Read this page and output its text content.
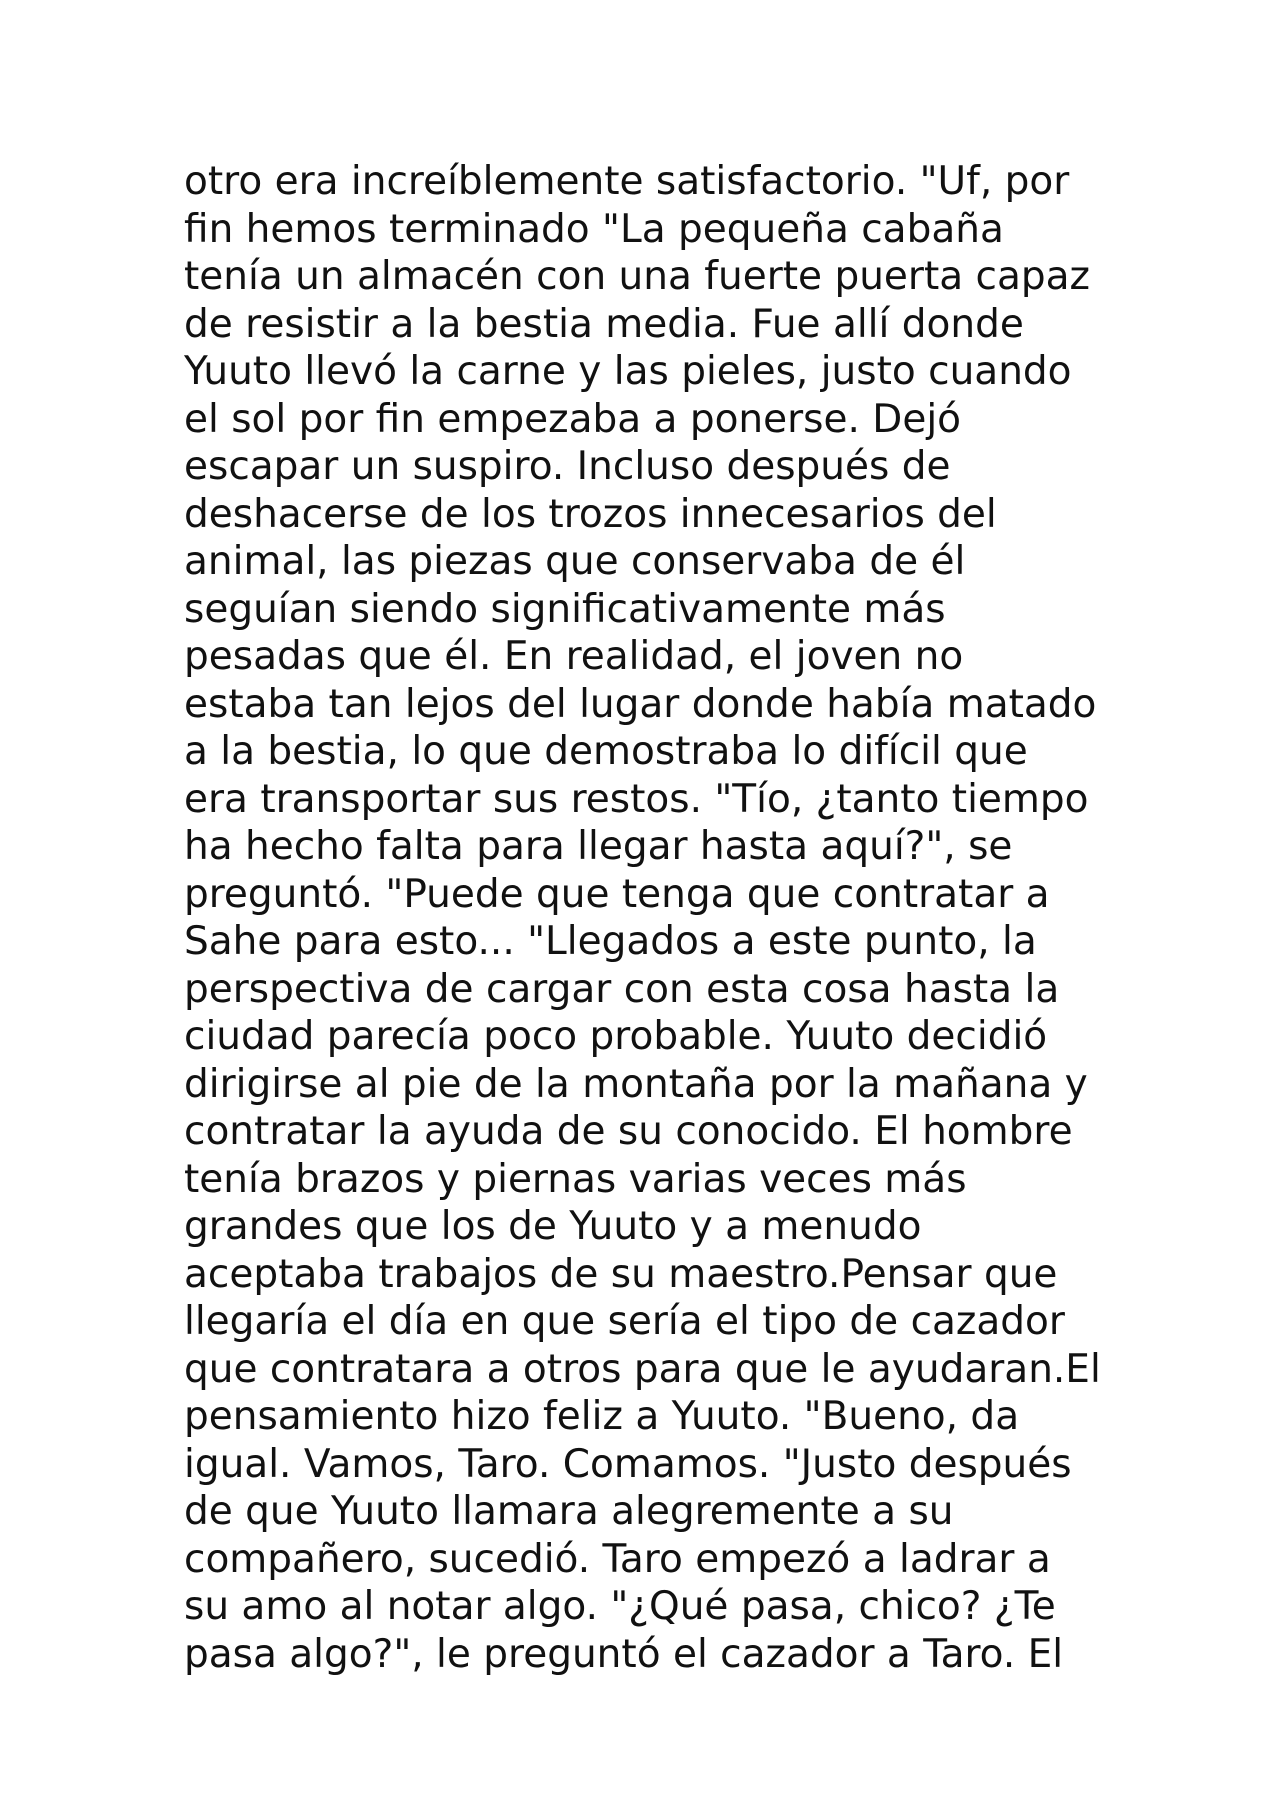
otro era increíblemente satisfactorio. "Uf, por
fin hemos terminado "La pequeña cabaña
tenía un almacén con una fuerte puerta capaz
de resistir a la bestia media. Fue allí donde
Yuuto llevó la carne y las pieles, justo cuando
el sol por fin empezaba a ponerse. Dejó
escapar un suspiro. Incluso después de
deshacerse de los trozos innecesarios del
animal, las piezas que conservaba de él
seguían siendo significativamente más
pesadas que él. En realidad, el joven no
estaba tan lejos del lugar donde había matado
a la bestia, lo que demostraba lo difícil que
era transportar sus restos. "Tío, ¿tanto tiempo
ha hecho falta para llegar hasta aquí?", se
preguntó. "Puede que tenga que contratar a
Sahe para esto... "Llegados a este punto, la
perspectiva de cargar con esta cosa hasta la
ciudad parecía poco probable. Yuuto decidió
dirigirse al pie de la montaña por la mañana y
contratar la ayuda de su conocido. El hombre
tenía brazos y piernas varias veces más
grandes que los de Yuuto y a menudo
aceptaba trabajos de su maestro.Pensar que
llegaría el día en que sería el tipo de cazador
que contratara a otros para que le ayudaran.El
pensamiento hizo feliz a Yuuto. "Bueno, da
igual. Vamos, Taro. Comamos. "Justo después
de que Yuuto llamara alegremente a su
compañero, sucedió. Taro empezó a ladrar a
su amo al notar algo. "¿Qué pasa, chico? ¿Te
pasa algo?", le preguntó el cazador a Taro. El
